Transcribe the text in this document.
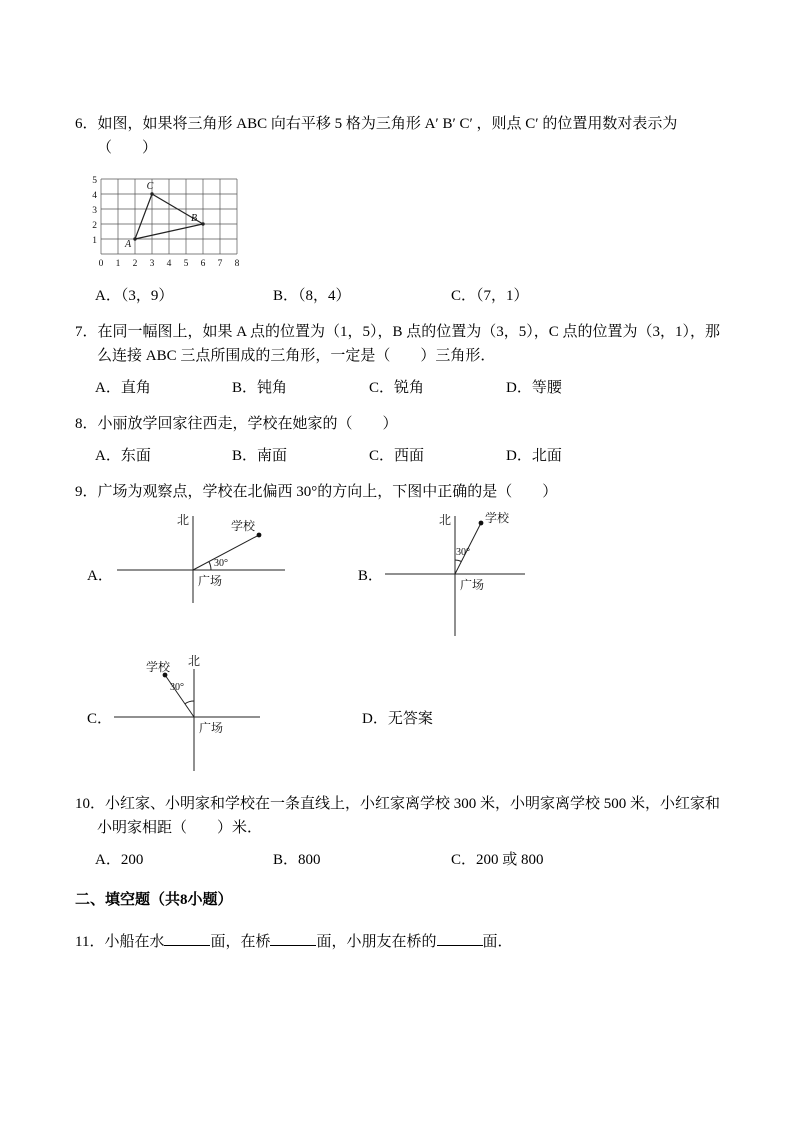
6．如图，如果将三角形 ABC 向右平移 5 格为三角形 A′ B′ C′ ，则点 C′ 的位置用数对表示为（　　）

5
4
3
2
1
0 1 2 3 4 5 6 7 8
C
A
B
A．（3，9）	B．（8，4）	C．（7，1）

7．在同一幅图上，如果 A 点的位置为（1，5），B 点的位置为（3，5），C 点的位置为（3，1），那么连接 ABC 三点所围成的三角形，一定是（　　）三角形．

A．直角	B．钝角	C．锐角	D．等腰

8．小丽放学回家往西走，学校在她家的（　　）

A．东面	B．南面	C．西面	D．北面

9．广场为观察点，学校在北偏西 30°的方向上，下图中正确的是（　　）

A．
北	学校
30°
广场	B．
北	学校
30°
广场
C．
北
学校
30°
广场
D．无答案

10．小红家、小明家和学校在一条直线上，小红家离学校 300 米，小明家离学校 500 米，小红家和小明家相距（　　）米．

A．200	B．800	C．200 或 800
二、填空题（共8小题）

11．小船在水	面，在桥	面，小朋友在桥的	面．
